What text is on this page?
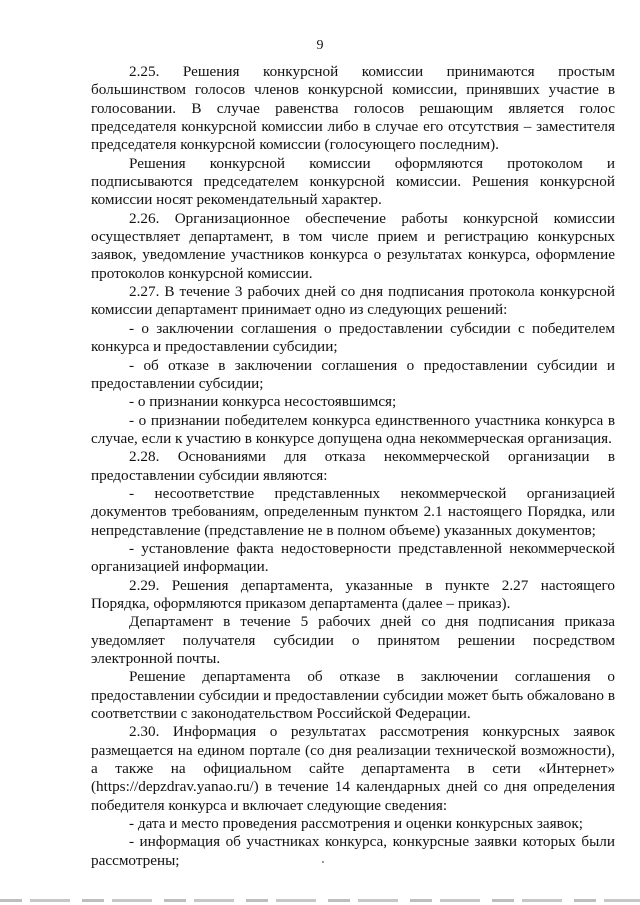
9

2.25. Решения конкурсной комиссии принимаются простым большинством голосов членов конкурсной комиссии, принявших участие в голосовании. В случае равенства голосов решающим является голос председателя конкурсной комиссии либо в случае его отсутствия – заместителя председателя конкурсной комиссии (голосующего последним).

Решения конкурсной комиссии оформляются протоколом и подписываются председателем конкурсной комиссии. Решения конкурсной комиссии носят рекомендательный характер.

2.26. Организационное обеспечение работы конкурсной комиссии осуществляет департамент, в том числе прием и регистрацию конкурсных заявок, уведомление участников конкурса о результатах конкурса, оформление протоколов конкурсной комиссии.

2.27. В течение 3 рабочих дней со дня подписания протокола конкурсной комиссии департамент принимает одно из следующих решений:

- о заключении соглашения о предоставлении субсидии с победителем конкурса и предоставлении субсидии;

- об отказе в заключении соглашения о предоставлении субсидии и предоставлении субсидии;

- о признании конкурса несостоявшимся;

- о признании победителем конкурса единственного участника конкурса в случае, если к участию в конкурсе допущена одна некоммерческая организация.

2.28. Основаниями для отказа некоммерческой организации в предоставлении субсидии являются:

- несоответствие представленных некоммерческой организацией документов требованиям, определенным пунктом 2.1 настоящего Порядка, или непредставление (представление не в полном объеме) указанных документов;

- установление факта недостоверности представленной некоммерческой организацией информации.

2.29. Решения департамента, указанные в пункте 2.27 настоящего Порядка, оформляются приказом департамента (далее – приказ).

Департамент в течение 5 рабочих дней со дня подписания приказа уведомляет получателя субсидии о принятом решении посредством электронной почты.

Решение департамента об отказе в заключении соглашения о предоставлении субсидии и предоставлении субсидии может быть обжаловано в соответствии с законодательством Российской Федерации.

2.30. Информация о результатах рассмотрения конкурсных заявок размещается на едином портале (со дня реализации технической возможности), а также на официальном сайте департамента в сети «Интернет» (https://depzdrav.yanao.ru/) в течение 14 календарных дней со дня определения победителя конкурса и включает следующие сведения:

- дата и место проведения рассмотрения и оценки конкурсных заявок;

- информация об участниках конкурса, конкурсные заявки которых были рассмотрены;
